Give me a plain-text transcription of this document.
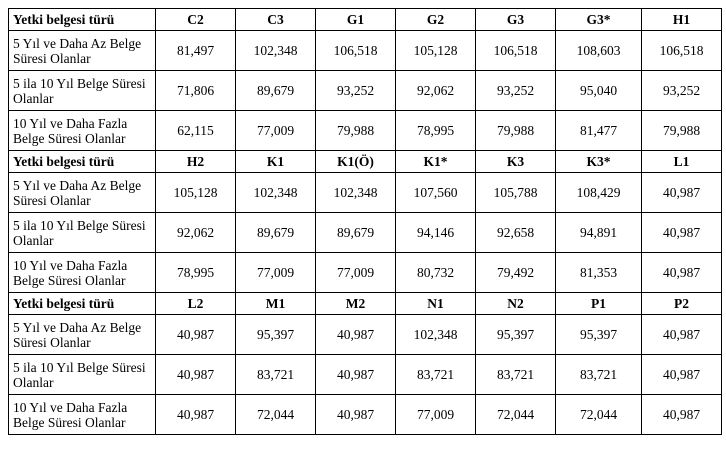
Yetki belgesi türü	C2	C3	G1	G2	G3	G3*	H1
5 Yıl ve Daha Az Belge Süresi Olanlar	81,497	102,348	106,518	105,128	106,518	108,603	106,518
5 ila 10 Yıl Belge Süresi Olanlar	71,806	89,679	93,252	92,062	93,252	95,040	93,252
10 Yıl ve Daha Fazla Belge Süresi Olanlar	62,115	77,009	79,988	78,995	79,988	81,477	79,988
Yetki belgesi türü	H2	K1	K1(Ö)	K1*	K3	K3*	L1
5 Yıl ve Daha Az Belge Süresi Olanlar	105,128	102,348	102,348	107,560	105,788	108,429	40,987
5 ila 10 Yıl Belge Süresi Olanlar	92,062	89,679	89,679	94,146	92,658	94,891	40,987
10 Yıl ve Daha Fazla Belge Süresi Olanlar	78,995	77,009	77,009	80,732	79,492	81,353	40,987
Yetki belgesi türü	L2	M1	M2	N1	N2	P1	P2
5 Yıl ve Daha Az Belge Süresi Olanlar	40,987	95,397	40,987	102,348	95,397	95,397	40,987
5 ila 10 Yıl Belge Süresi Olanlar	40,987	83,721	40,987	83,721	83,721	83,721	40,987
10 Yıl ve Daha Fazla Belge Süresi Olanlar	40,987	72,044	40,987	77,009	72,044	72,044	40,987
